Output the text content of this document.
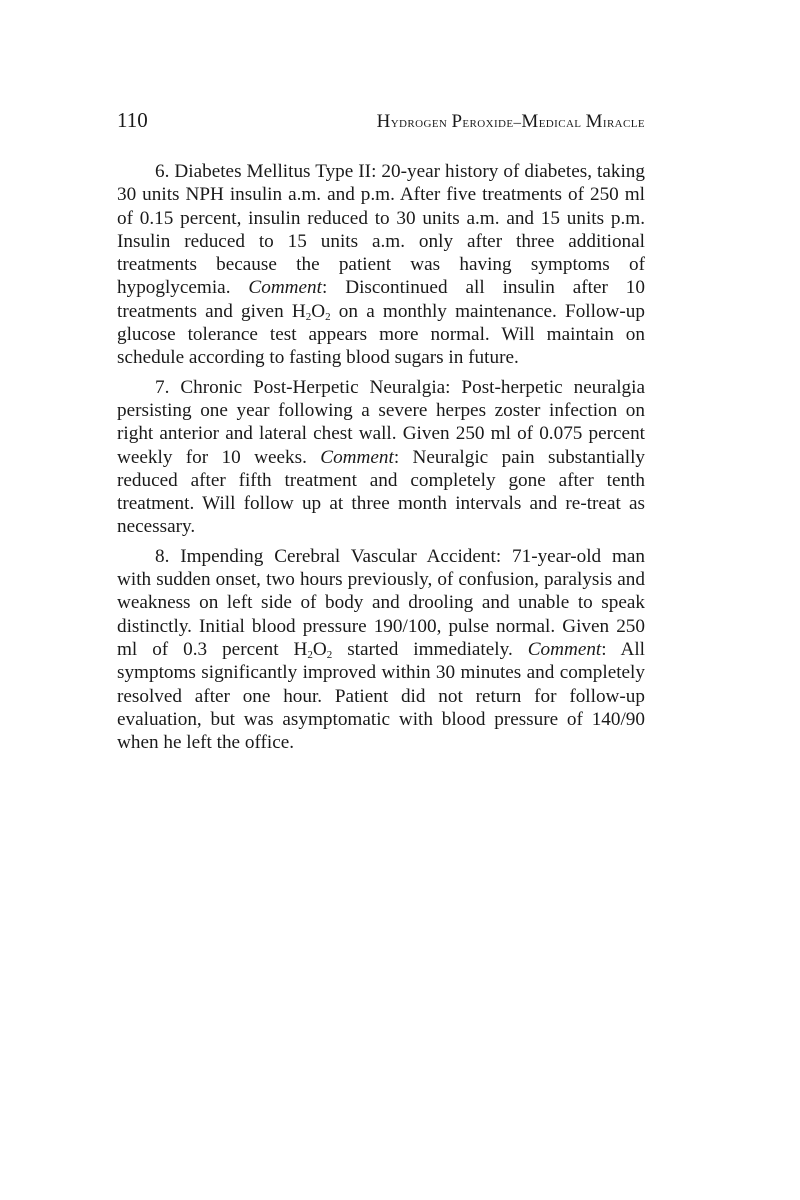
110	Hydrogen Peroxide–Medical Miracle

6. Diabetes Mellitus Type II: 20-year history of diabetes, taking 30 units NPH insulin a.m. and p.m. After five treatments of 250 ml of 0.15 percent, insulin reduced to 30 units a.m. and 15 units p.m. Insulin reduced to 15 units a.m. only after three additional treatments because the patient was having symptoms of hypoglycemia. Comment: Discontinued all insulin after 10 treatments and given $H_2O_2$ on a monthly maintenance. Follow-up glucose tolerance test appears more normal. Will maintain on schedule according to fasting blood sugars in future.

7. Chronic Post-Herpetic Neuralgia: Post-herpetic neuralgia persisting one year following a severe herpes zoster infection on right anterior and lateral chest wall. Given 250 ml of 0.075 percent weekly for 10 weeks. Comment: Neuralgic pain substantially reduced after fifth treatment and completely gone after tenth treatment. Will follow up at three month intervals and re-treat as necessary.

8. Impending Cerebral Vascular Accident: 71-year-old man with sudden onset, two hours previously, of confusion, paralysis and weakness on left side of body and drooling and unable to speak distinctly. Initial blood pressure 190/100, pulse normal. Given 250 ml of 0.3 percent $H_2O_2$ started immediately. Comment: All symptoms significantly improved within 30 minutes and completely resolved after one hour. Patient did not return for follow-up evaluation, but was asymptomatic with blood pressure of 140/90 when he left the office.
